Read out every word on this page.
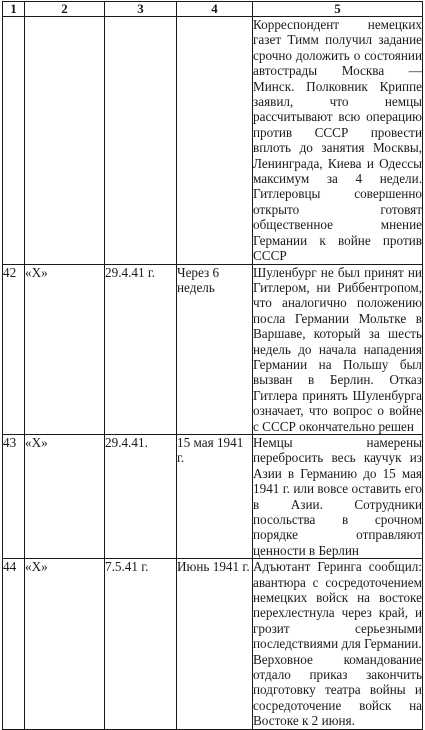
1	2	3	4	5

				Корреспондент немецких газет Тимм получил задание срочно доложить о состоянии автострады Москва — Минск. Полковник Криппе заявил, что немцы рассчитывают всю операцию против СССР провести вплоть до занятия Москвы, Ленинграда, Киева и Одессы максимум за 4 недели. Гитлеровцы совершенно открыто готовят общественное мнение Германии к войне против СССР

42	«Х»	29.4.41 г.	Через 6 недель	Шуленбург не был принят ни Гитлером, ни Риббентропом, что аналогично положению посла Германии Мольтке в Варшаве, который за шесть недель до начала нападения Германии на Польшу был вызван в Берлин. Отказ Гитлера принять Шуленбурга означает, что вопрос о войне с СССР окончательно решен

43	«Х»	29.4.41.	15 мая 1941 г.	Немцы намерены перебросить весь каучук из Азии в Германию до 15 мая 1941 г. или вовсе оставить его в Азии. Сотрудники посольства в срочном порядке отправляют ценности в Берлин

44	«Х»	7.5.41 г.	Июнь 1941 г.	Адъютант Геринга сообщил: авантюра с сосредоточением немецких войск на востоке перехлестнула через край, и грозит серьезными последствиями для Германии.
Верховное командование отдало приказ закончить подготовку театра войны и сосредоточение войск на Востоке к 2 июня.
